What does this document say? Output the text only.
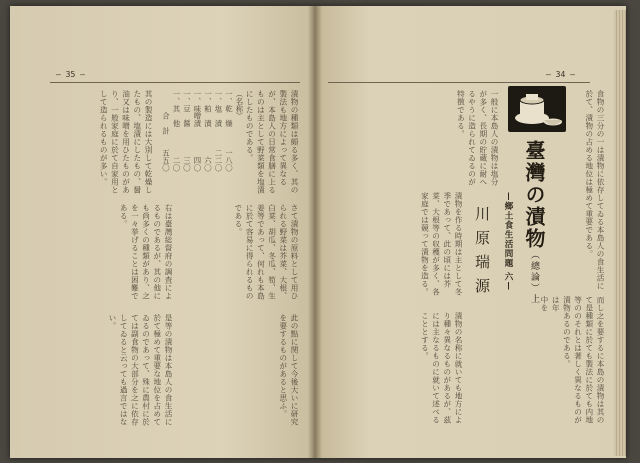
— 35 —
（名称）
一、乾　燥　　　一八〇
一、塩　漬　　　二二〇
一、粕　漬　　　　六〇
一、味噌漬　　　　四〇
一、豆　醤　　　　三〇
一、其　他　　　　二〇
　　　合　計　　五五〇	漬物の種類は頗る多く、其の製法も地方によって異なるが、本島人の日常食膳に上るものは主として野菜類を塩漬にしたものである。
其の製造には大別して乾燥したもの、塩漬にしたもの、醤油又は味噌を用ひたものがあり、一般家庭に於て自家用として造られるものが多い。
右は臺灣総督府の調査によるものであるが、其の他にも尚多くの種類があり、之を一々挙げることは困難である。	さて漬物の原料として用ひられる野菜は芥菜、大根、白菜、胡瓜、冬瓜、筍、生姜等であって、何れも本島に於て容易に得られるものである。
是等の漬物は本島人の食生活に於て極めて重要な地位を占めてゐるのであって、殊に農村に於ては副食物の大部分を之に依存してゐると云っても過言ではない。	此の點に関して今後大いに研究を要するものがあると思ふ。
— 34 —
臺灣の漬物（總論）上
—鄉土食生活問題 六—
川原瑞源	食物の三分の一は漬物に依存してゐる本島人の食生活に於て、漬物の占める地位は極めて重要である。
一般に本島人の漬物は塩分が多く、長期の貯蔵に耐へるやうに造られてゐるのが特徴である。
漬物を作る時期は主として冬季であって、此の頃には芥菜、大根等の収穫が多く、各家庭では競って漬物を造る。
而して是等の漬物は年中を
漬物の名称に就いても地方により種々異なるものがあるが、茲には主なるものに就いて述べることとする。	之を要するに本島の漬物は其の種類に於ても製法に於ても内地のそれとは著しく異なるものがあるのである。
